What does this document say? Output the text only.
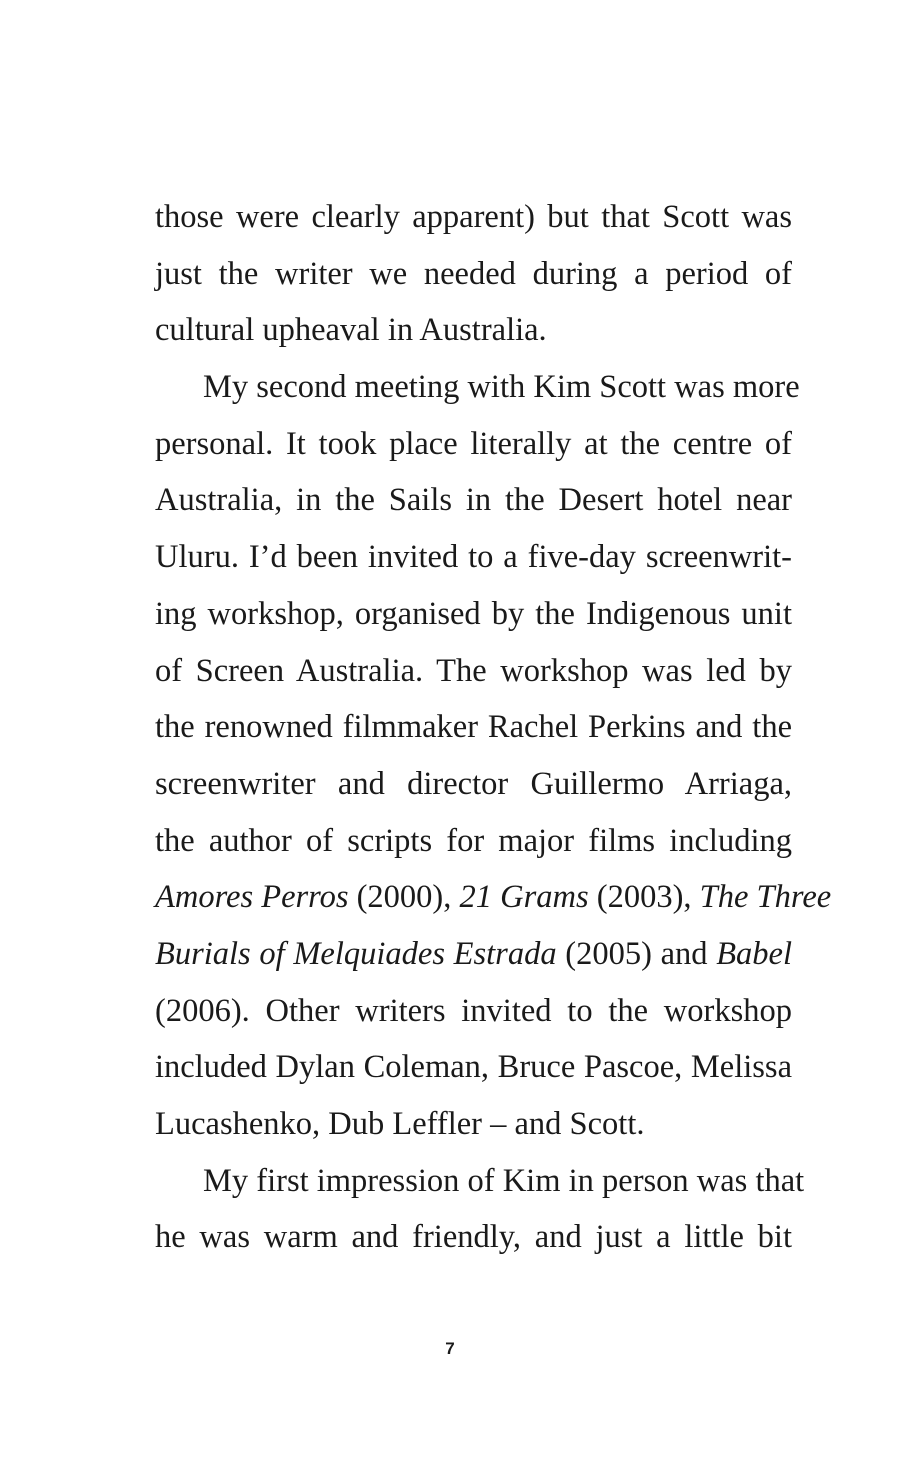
those were clearly apparent) but that Scott was
just the writer we needed during a period of
cultural upheaval in Australia.
My second meeting with Kim Scott was more
personal. It took place literally at the centre of
Australia, in the Sails in the Desert hotel near
Uluru. I’d been invited to a five-day screenwrit-
ing workshop, organised by the Indigenous unit
of Screen Australia. The workshop was led by
the renowned filmmaker Rachel Perkins and the
screenwriter and director Guillermo Arriaga,
the author of scripts for major films including
Amores Perros (2000), 21 Grams (2003), The Three
Burials of Melquiades Estrada (2005) and Babel
(2006). Other writers invited to the workshop
included Dylan Coleman, Bruce Pascoe, Melissa
Lucashenko, Dub Leffler – and Scott.
My first impression of Kim in person was that
he was warm and friendly, and just a little bit
7
